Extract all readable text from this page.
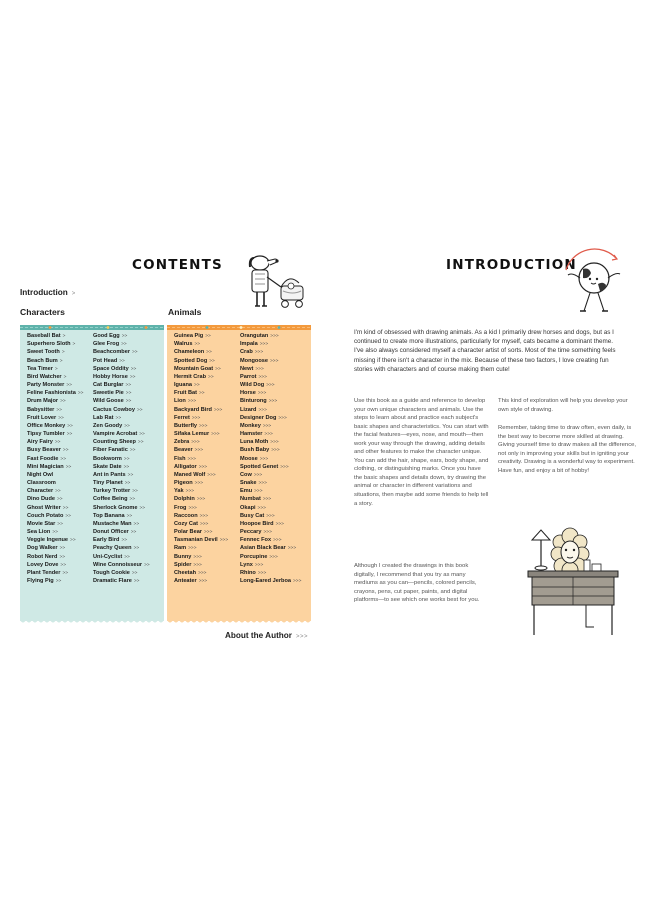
CONTENTS
Introduction >
Characters	Animals
Baseball Bat >
Superhero Sloth >
Sweet Tooth >
Beach Bum >
Tea Timer >
Bird Watcher >
Party Monster >>
Feline Fashionista >>
Drum Major >>
Babysitter >>
Fruit Lover >>
Office Monkey >>
Tipsy Tumbler >>
Airy Fairy >>
Busy Beaver >>
Fast Foodie >>
Mini Magician >>
Night Owl
Classroom
Character >>
Dino Dude >>
Ghost Writer >>
Couch Potato >>
Movie Star >>
Sea Lion >>
Veggie Ingenue >>
Dog Walker >>
Robot Nerd >>
Lovey Dove >>
Plant Tender >>
Flying Pig >>
Good Egg >>
Glee Frog >>
Beachcomber >>
Pot Head >>
Space Oddity >>
Hobby Horse >>
Cat Burglar >>
Sweetie Pie >>
Wild Goose >>
Cactus Cowboy >>
Lab Rat >>
Zen Goody >>
Vampire Acrobat >>
Counting Sheep >>
Fiber Fanatic >>
Bookworm >>
Skate Date >>
Ant in Pants >>
Tiny Planet >>
Turkey Trotter >>
Coffee Being >>
Sherlock Gnome >>
Top Banana >>
Mustache Man >>
Donut Officer >>
Early Bird >>
Peachy Queen >>
Uni-Cyclist >>
Wine Connoisseur >>
Tough Cookie >>
Dramatic Flare >>
Guinea Pig >>
Walrus >>
Chameleon >>
Spotted Dog >>
Mountain Goat >>
Hermit Crab >>
Iguana >>
Fruit Bat >>
Lion >>>
Backyard Bird >>>
Ferret >>>
Butterfly >>>
Sifaka Lemur >>>
Zebra >>>
Beaver >>>
Fish >>>
Alligator >>>
Maned Wolf >>>
Pigeon >>>
Yak >>>
Dolphin >>>
Frog >>>
Raccoon >>>
Cozy Cat >>>
Polar Bear >>>
Tasmanian Devil >>>
Ram >>>
Bunny >>>
Spider >>>
Cheetah >>>
Anteater >>>
Orangutan >>>
Impala >>>
Crab >>>
Mongoose >>>
Newt >>>
Parrot >>>
Wild Dog >>>
Horse >>>
Binturong >>>
Lizard >>>
Designer Dog >>>
Monkey >>>
Hamster >>>
Luna Moth >>>
Bush Baby >>>
Moose >>>
Spotted Genet >>>
Cow >>>
Snake >>>
Emu >>>
Numbat >>>
Okapi >>>
Busy Cat >>>
Hoopoe Bird >>>
Peccary >>>
Fennec Fox >>>
Asian Black Bear >>>
Porcupine >>>
Lynx >>>
Rhino >>>
Long-Eared Jerboa >>>
About the Author >>>
INTRODUCTION
I'm kind of obsessed with drawing animals. As a kid I primarily drew horses and dogs, but as I continued to create more illustrations, particularly for myself, cats became a dominant theme. I've also always considered myself a character artist of sorts. Most of the time something feels missing if there isn't a character in the mix. Because of these two factors, I love creating fun stories with characters and of course making them cute!
Use this book as a guide and reference to develop your own unique characters and animals. Use the steps to learn about and practice each subject's basic shapes and characteristics. You can start with the facial features—eyes, nose, and mouth—then work your way through the drawing, adding details and other features to make the character unique. You can add the hair, shape, ears, body shape, and clothing, or distinguishing marks. Once you have the basic shapes and details down, try drawing the animal or character in different variations and situations, then maybe add some friends to help tell a story.
Although I created the drawings in this book digitally, I recommend that you try as many mediums as you can—pencils, colored pencils, crayons, pens, cut paper, paints, and digital platforms—to see which one works best for you.
This kind of exploration will help you develop your own style of drawing.
Remember, taking time to draw often, even daily, is the best way to become more skilled at drawing. Giving yourself time to draw makes all the difference, not only in improving your skills but in igniting your creativity. Drawing is a wonderful way to experiment. Have fun, and enjoy a bit of hobby!
